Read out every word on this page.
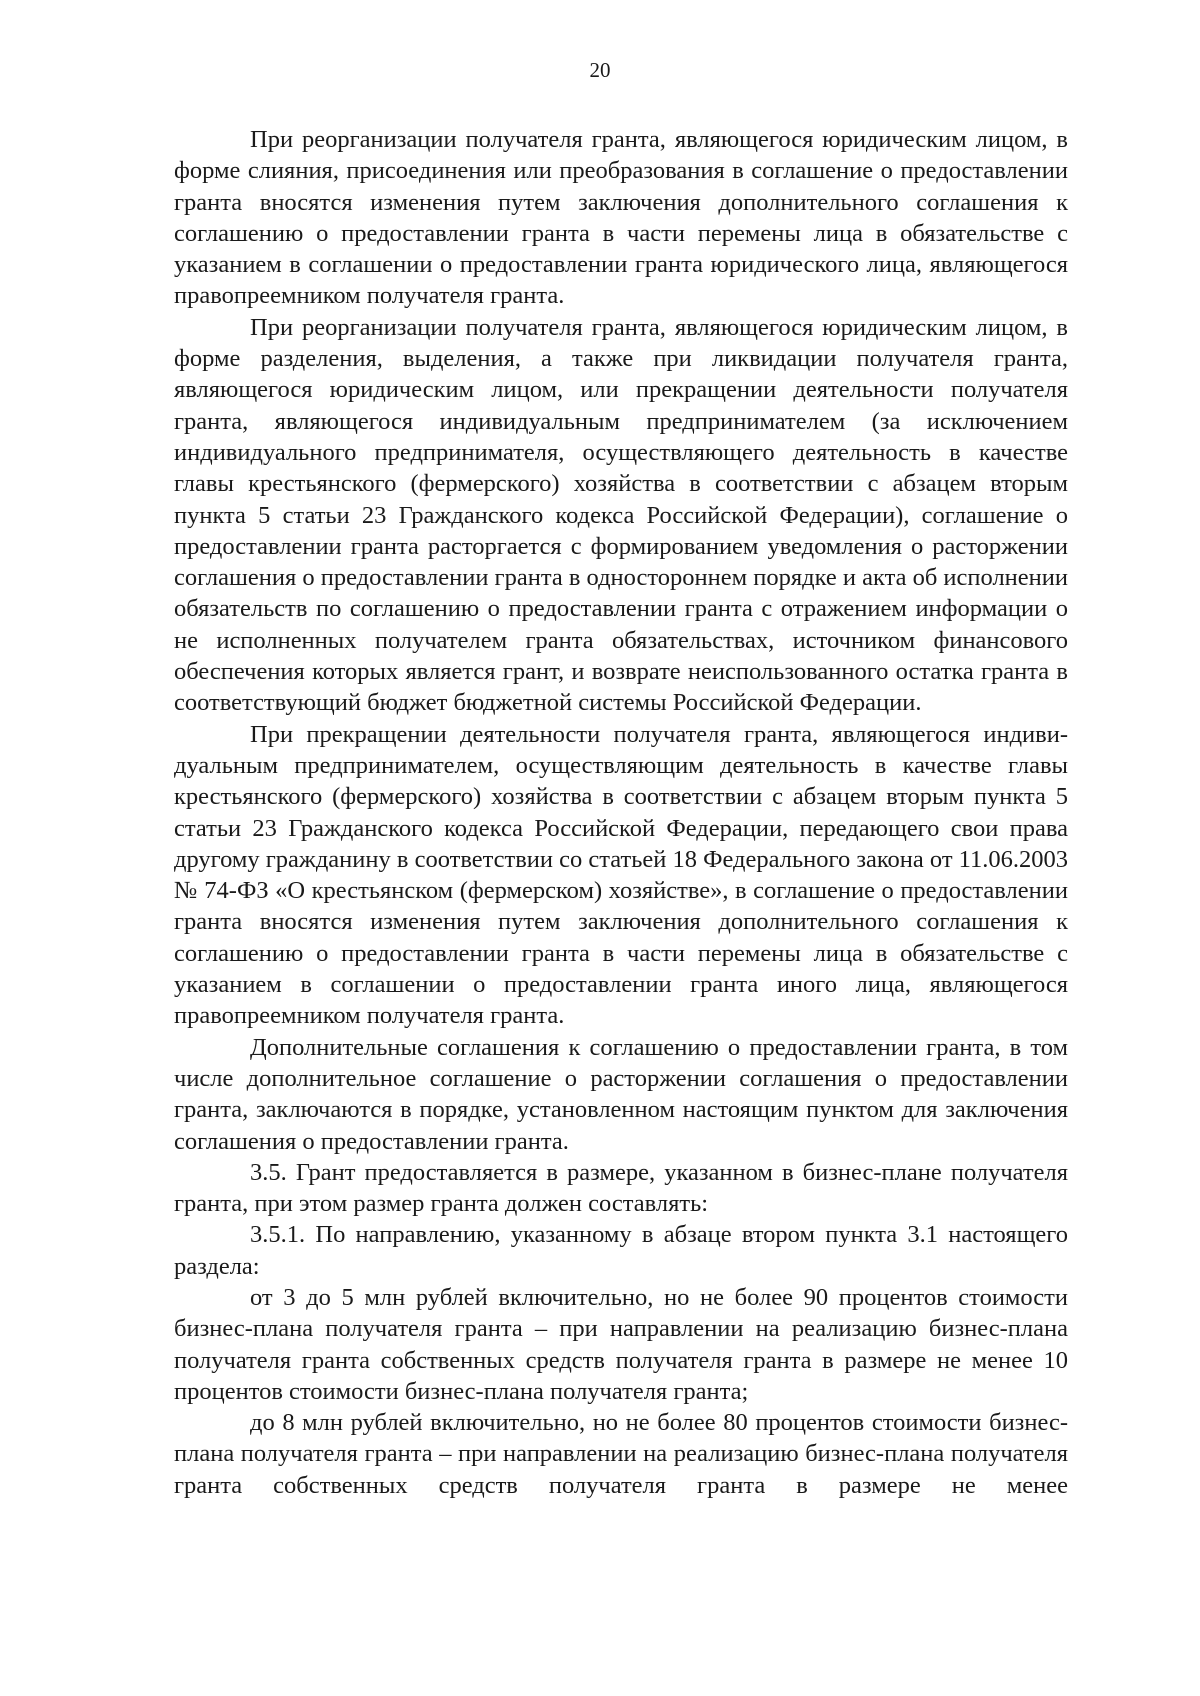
20

При реорганизации получателя гранта, являющегося юридическим лицом, в форме слияния, присоединения или преобразования в соглашение о предоставлении гранта вносятся изменения путем заключения дополнительного соглашения к соглашению о предоставлении гранта в части перемены лица в обязательстве с указанием в соглашении о предоставлении гранта юридического лица, являющегося правопреемником получателя гранта.

При реорганизации получателя гранта, являющегося юридическим лицом, в форме разделения, выделения, а также при ликвидации получателя гранта, являющегося юридическим лицом, или прекращении деятельности получателя гранта, являющегося индивидуальным предпринимателем (за исключением индивидуального предпринимателя, осуществляющего деятельность в качестве главы крестьянского (фермерского) хозяйства в соответствии с абзацем вторым пункта 5 статьи 23 Гражданского кодекса Российской Федерации), соглашение о предоставлении гранта расторгается с формированием уведомления о расторжении соглашения о предоставлении гранта в одностороннем порядке и акта об исполнении обязательств по соглашению о предоставлении гранта с отражением информации о не исполненных получателем гранта обязательствах, источником финансового обеспечения которых является грант, и возврате неиспользованного остатка гранта в соответствующий бюджет бюджетной системы Российской Федерации.

При прекращении деятельности получателя гранта, являющегося индивидуальным предпринимателем, осуществляющим деятельность в качестве главы крестьянского (фермерского) хозяйства в соответствии с абзацем вторым пункта 5 статьи 23 Гражданского кодекса Российской Федерации, передающего свои права другому гражданину в соответствии со статьей 18 Федерального закона от 11.06.2003 № 74-ФЗ «О крестьянском (фермерском) хозяйстве», в соглашение о предоставлении гранта вносятся изменения путем заключения дополнительного соглашения к соглашению о предоставлении гранта в части перемены лица в обязательстве с указанием в соглашении о предоставлении гранта иного лица, являющегося правопреемником получателя гранта.

Дополнительные соглашения к соглашению о предоставлении гранта, в том числе дополнительное соглашение о расторжении соглашения о предоставлении гранта, заключаются в порядке, установленном настоящим пунктом для заключения соглашения о предоставлении гранта.

3.5. Грант предоставляется в размере, указанном в бизнес-плане получателя гранта, при этом размер гранта должен составлять:

3.5.1. По направлению, указанному в абзаце втором пункта 3.1 настоящего раздела:

от 3 до 5 млн рублей включительно, но не более 90 процентов стоимости бизнес-плана получателя гранта – при направлении на реализацию бизнес-плана получателя гранта собственных средств получателя гранта в размере не менее 10 процентов стоимости бизнес-плана получателя гранта;

до 8 млн рублей включительно, но не более 80 процентов стоимости бизнес-плана получателя гранта – при направлении на реализацию бизнес-плана получателя гранта собственных средств получателя гранта в размере не менее
